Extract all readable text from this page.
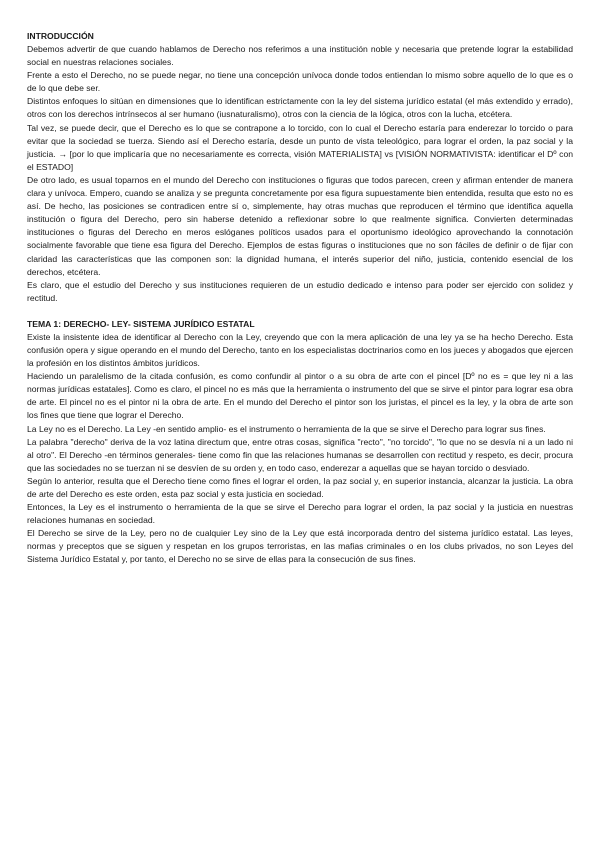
INTRODUCCIÓN

Debemos advertir de que cuando hablamos de Derecho nos referimos a una institución noble y necesaria que pretende lograr la estabilidad social en nuestras relaciones sociales.

Frente a esto el Derecho, no se puede negar, no tiene una concepción unívoca donde todos entiendan lo mismo sobre aquello de lo que es o de lo que debe ser.

Distintos enfoques lo sitúan en dimensiones que lo identifican estrictamente con la ley del sistema jurídico estatal (el más extendido y errado), otros con los derechos intrínsecos al ser humano (iusnaturalismo), otros con la ciencia de la lógica, otros con la lucha, etcétera.

Tal vez, se puede decir, que el Derecho es lo que se contrapone a lo torcido, con lo cual el Derecho estaría para enderezar lo torcido o para evitar que la sociedad se tuerza. Siendo así el Derecho estaría, desde un punto de vista teleológico, para lograr el orden, la paz social y la justicia. → [por lo que implicaría que no necesariamente es correcta, visión MATERIALISTA] vs [VISIÓN NORMATIVISTA: identificar el Dº con el ESTADO]

De otro lado, es usual toparnos en el mundo del Derecho con instituciones o figuras que todos parecen, creen y afirman entender de manera clara y unívoca. Empero, cuando se analiza y se pregunta concretamente por esa figura supuestamente bien entendida, resulta que esto no es así. De hecho, las posiciones se contradicen entre sí o, simplemente, hay otras muchas que reproducen el término que identifica aquella institución o figura del Derecho, pero sin haberse detenido a reflexionar sobre lo que realmente significa. Convierten determinadas instituciones o figuras del Derecho en meros eslóganes políticos usados para el oportunismo ideológico aprovechando la connotación socialmente favorable que tiene esa figura del Derecho. Ejemplos de estas figuras o instituciones que no son fáciles de definir o de fijar con claridad las características que las componen son: la dignidad humana, el interés superior del niño, justicia, contenido esencial de los derechos, etcétera.

Es claro, que el estudio del Derecho y sus instituciones requieren de un estudio dedicado e intenso para poder ser ejercido con solidez y rectitud.

TEMA 1: DERECHO- LEY- SISTEMA JURÍDICO ESTATAL

Existe la insistente idea de identificar al Derecho con la Ley, creyendo que con la mera aplicación de una ley ya se ha hecho Derecho. Esta confusión opera y sigue operando en el mundo del Derecho, tanto en los especialistas doctrinarios como en los jueces y abogados que ejercen la profesión en los distintos ámbitos jurídicos.

Haciendo un paralelismo de la citada confusión, es como confundir al pintor o a su obra de arte con el pincel [Dº no es = que ley ni a las normas jurídicas estatales]. Como es claro, el pincel no es más que la herramienta o instrumento del que se sirve el pintor para lograr esa obra de arte. El pincel no es el pintor ni la obra de arte. En el mundo del Derecho el pintor son los juristas, el pincel es la ley, y la obra de arte son los fines que tiene que lograr el Derecho.

La Ley no es el Derecho. La Ley -en sentido amplio- es el instrumento o herramienta de la que se sirve el Derecho para lograr sus fines.

La palabra "derecho" deriva de la voz latina directum que, entre otras cosas, significa "recto", "no torcido", "lo que no se desvía ni a un lado ni al otro". El Derecho -en términos generales- tiene como fin que las relaciones humanas se desarrollen con rectitud y respeto, es decir, procura que las sociedades no se tuerzan ni se desvíen de su orden y, en todo caso, enderezar a aquellas que se hayan torcido o desviado.

Según lo anterior, resulta que el Derecho tiene como fines el lograr el orden, la paz social y, en superior instancia, alcanzar la justicia. La obra de arte del Derecho es este orden, esta paz social y esta justicia en sociedad.

Entonces, la Ley es el instrumento o herramienta de la que se sirve el Derecho para lograr el orden, la paz social y la justicia en nuestras relaciones humanas en sociedad.

El Derecho se sirve de la Ley, pero no de cualquier Ley sino de la Ley que está incorporada dentro del sistema jurídico estatal. Las leyes, normas y preceptos que se siguen y respetan en los grupos terroristas, en las mafias criminales o en los clubs privados, no son Leyes del Sistema Jurídico Estatal y, por tanto, el Derecho no se sirve de ellas para la consecución de sus fines.
